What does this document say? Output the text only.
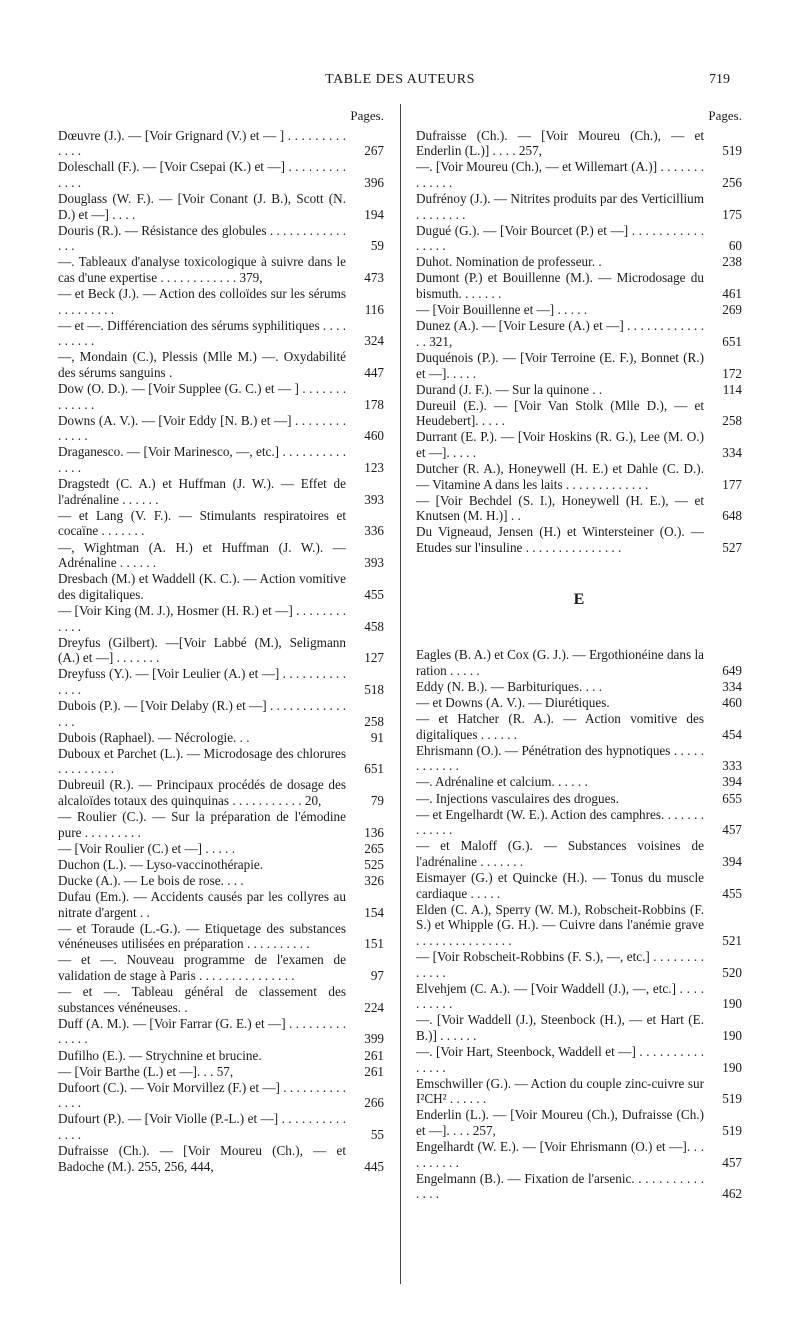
TABLE DES AUTEURS	719
Pages.
Dœuvre (J.). — [Voir Grignard (V.) et — ] . . . . . . . . . . . . .	267
Doleschall (F.). — [Voir Csepai (K.) et —] . . . . . . . . . . . . .	396
Douglass (W. F.). — [Voir Conant (J. B.), Scott (N. D.) et —] . . . .	194
Douris (R.). — Résistance des globules . . . . . . . . . . . . . . .	59
—. Tableaux d'analyse toxicologique à suivre dans le cas d'une expertise . . . . . . . . . . . . 379,	473
— et Beck (J.). — Action des colloïdes sur les sérums . . . . . . . . .	116
— et —. Différenciation des sérums syphilitiques . . . . . . . . . .	324
—, Mondain (C.), Plessis (Mlle M.) —. Oxydabilité des sérums sanguins .	447
Dow (O. D.). — [Voir Supplee (G. C.) et — ] . . . . . . . . . . . . .	178
Downs (A. V.). — [Voir Eddy [N. B.) et —] . . . . . . . . . . . . .	460
Draganesco. — [Voir Marinesco, —, etc.] . . . . . . . . . . . . . .	123
Dragstedt (C. A.) et Huffman (J. W.). — Effet de l'adrénaline . . . . . .	393
— et Lang (V. F.). — Stimulants respiratoires et cocaïne . . . . . . .	336
—, Wightman (A. H.) et Huffman (J. W.). — Adrénaline . . . . . .	393
Dresbach (M.) et Waddell (K. C.). — Action vomitive des digitaliques.	455
— [Voir King (M. J.), Hosmer (H. R.) et —] . . . . . . . . . . . .	458
Dreyfus (Gilbert). —[Voir Labbé (M.), Seligmann (A.) et —] . . . . . . .	127
Dreyfuss (Y.). — [Voir Leulier (A.) et —] . . . . . . . . . . . . . .	518
Dubois (P.). — [Voir Delaby (R.) et —] . . . . . . . . . . . . . . .	258
Dubois (Raphael). — Nécrologie. . .	91
Duboux et Parchet (L.). — Microdosage des chlorures . . . . . . . . .	651
Dubreuil (R.). — Principaux procédés de dosage des alcaloïdes totaux des quinquinas . . . . . . . . . . . 20,	79
— Roulier (C.). — Sur la préparation de l'émodine pure . . . . . . . . .	136
— [Voir Roulier (C.) et —] . . . . .	265
Duchon (L.). — Lyso-vaccinothérapie.	525
Ducke (A.). — Le bois de rose. . . .	326
Dufau (Em.). — Accidents causés par les collyres au nitrate d'argent . .	154
— et Toraude (L.-G.). — Etiquetage des substances vénéneuses utilisées en préparation . . . . . . . . . .	151
— et —. Nouveau programme de l'examen de validation de stage à Paris . . . . . . . . . . . . . . .	97
— et —. Tableau général de classement des substances vénéneuses. .	224
Duff (A. M.). — [Voir Farrar (G. E.) et —] . . . . . . . . . . . . . .	399
Dufilho (E.). — Strychnine et brucine.	261
— [Voir Barthe (L.) et —]. . . 57,	261
Dufoort (C.). — Voir Morvillez (F.) et —] . . . . . . . . . . . . . .	266
Dufourt (P.). — [Voir Violle (P.-L.) et —] . . . . . . . . . . . . . .	55
Dufraisse (Ch.). — [Voir Moureu (Ch.), — et Badoche (M.). 255, 256, 444,	445
Pages.
Dufraisse (Ch.). — [Voir Moureu (Ch.), — et Enderlin (L.)] . . . . 257,	519
—. [Voir Moureu (Ch.), — et Willemart (A.)] . . . . . . . . . . . . .	256
Dufrénoy (J.). — Nitrites produits par des Verticillium . . . . . . . .	175
Dugué (G.). — [Voir Bourcet (P.) et —] . . . . . . . . . . . . . . . .	60
Duhot. Nomination de professeur. .	238
Dumont (P.) et Bouillenne (M.). — Microdosage du bismuth. . . . . . .	461
— [Voir Bouillenne et —] . . . . .	269
Dunez (A.). — [Voir Lesure (A.) et —] . . . . . . . . . . . . . . 321,	651
Duquénois (P.). — [Voir Terroine (E. F.), Bonnet (R.) et —]. . . . .	172
Durand (J. F.). — Sur la quinone . .	114
Dureuil (E.). — [Voir Van Stolk (Mlle D.), — et Heudebert]. . . . .	258
Durrant (E. P.). — [Voir Hoskins (R. G.), Lee (M. O.) et —]. . . . .	334
Dutcher (R. A.), Honeywell (H. E.) et Dahle (C. D.). — Vitamine A dans les laits . . . . . . . . . . . . .	177
— [Voir Bechdel (S. I.), Honeywell (H. E.), — et Knutsen (M. H.)] . .	648
Du Vigneaud, Jensen (H.) et Wintersteiner (O.). — Etudes sur l'insuline . . . . . . . . . . . . . . .	527
E
Eagles (B. A.) et Cox (G. J.). — Ergothionéine dans la ration . . . . .	649
Eddy (N. B.). — Barbituriques. . . .	334
— et Downs (A. V.). — Diurétiques.	460
— et Hatcher (R. A.). — Action vomitive des digitaliques . . . . . .	454
Ehrismann (O.). — Pénétration des hypnotiques . . . . . . . . . . . .	333
—. Adrénaline et calcium. . . . . .	394
—. Injections vasculaires des drogues.	655
— et Engelhardt (W. E.). Action des camphres. . . . . . . . . . . . .	457
— et Maloff (G.). — Substances voisines de l'adrénaline . . . . . . .	394
Eismayer (G.) et Quincke (H.). — Tonus du muscle cardiaque . . . . .	455
Elden (C. A.), Sperry (W. M.), Robscheit-Robbins (F. S.) et Whipple (G. H.). — Cuivre dans l'anémie grave . . . . . . . . . . . . . . .	521
— [Voir Robscheit-Robbins (F. S.), —, etc.] . . . . . . . . . . . . .	520
Elvehjem (C. A.). — [Voir Waddell (J.), —, etc.] . . . . . . . . . .	190
—. [Voir Waddell (J.), Steenbock (H.), — et Hart (E. B.)] . . . . . .	190
—. [Voir Hart, Steenbock, Waddell et —] . . . . . . . . . . . . . . .	190
Emschwiller (G.). — Action du couple zinc-cuivre sur I²CH² . . . . . .	519
Enderlin (L.). — [Voir Moureu (Ch.), Dufraisse (Ch.) et —]. . . . 257,	519
Engelhardt (W. E.). — [Voir Ehrismann (O.) et —]. . . . . . . . . .	457
Engelmann (B.). — Fixation de l'arsenic. . . . . . . . . . . . . . .	462
